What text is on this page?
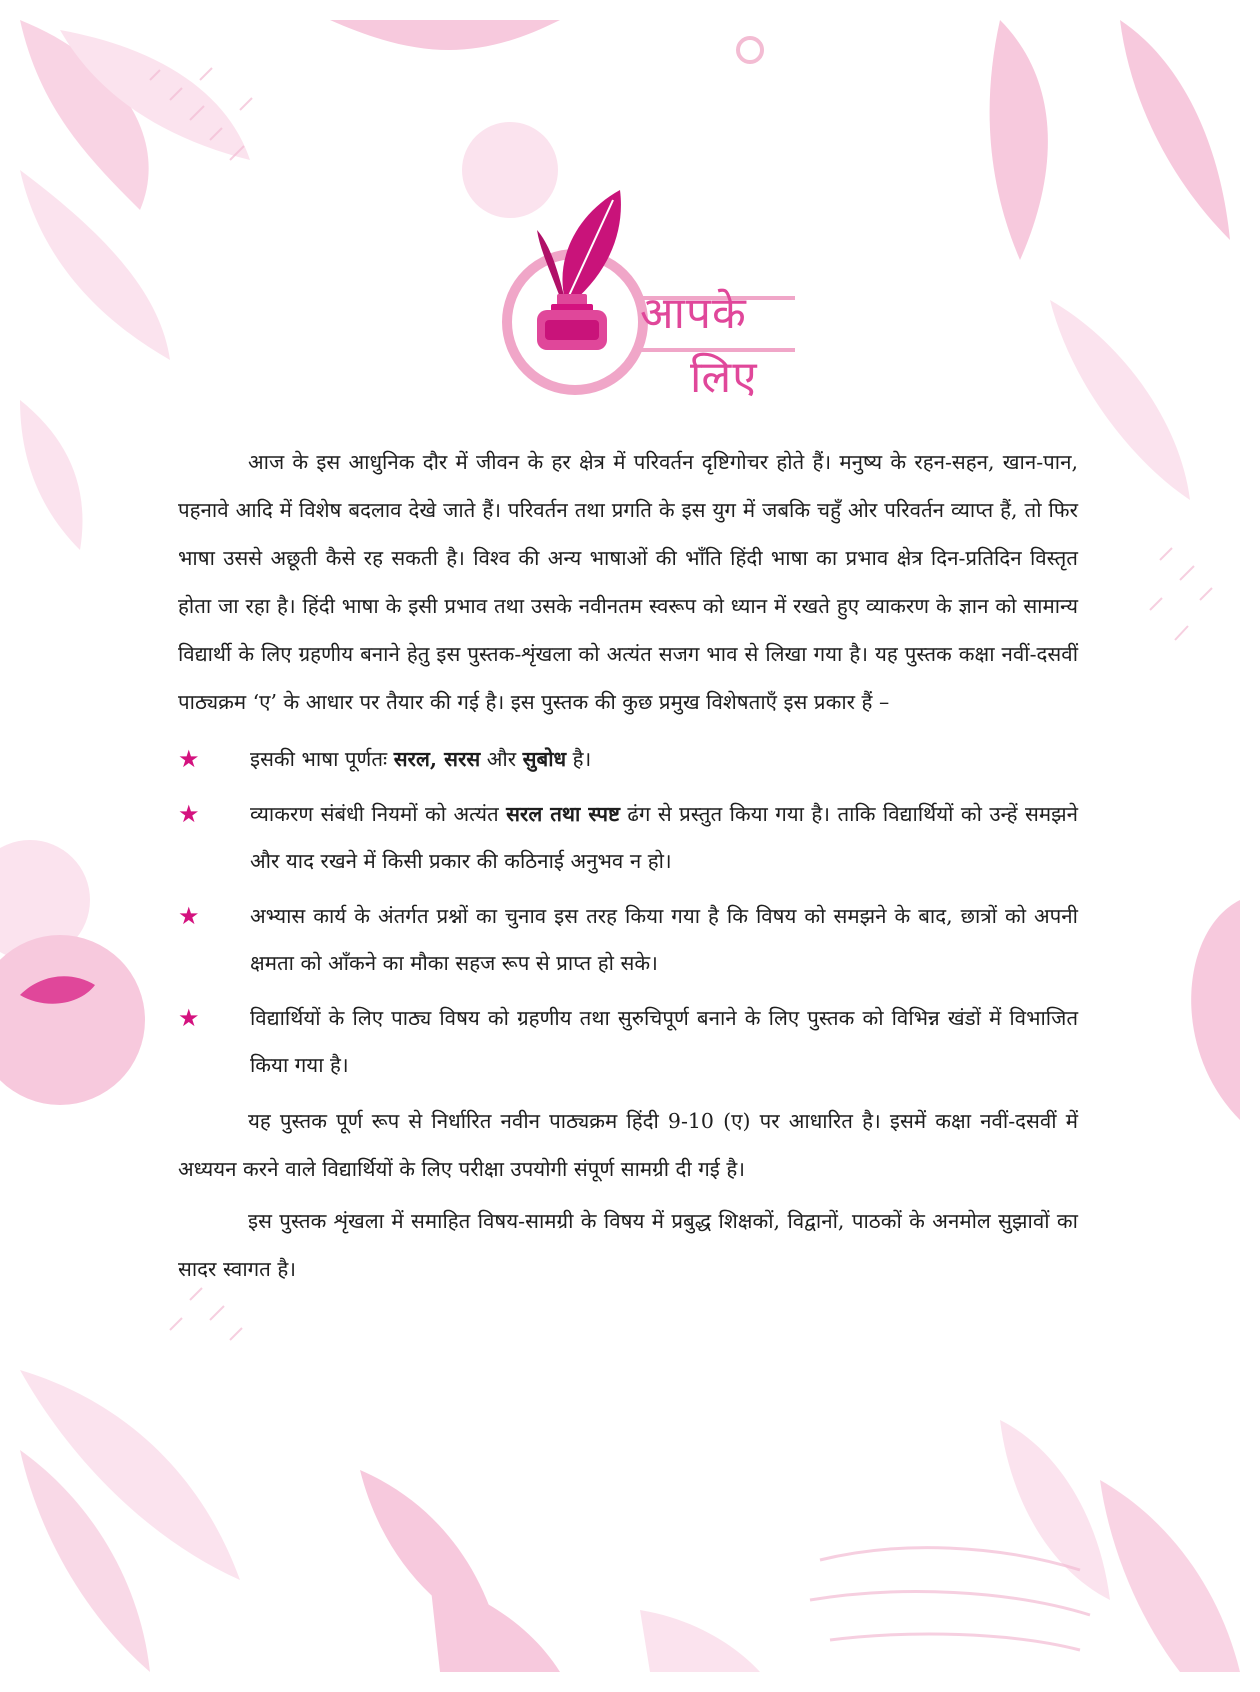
आपके
लिए

आज के इस आधुनिक दौर में जीवन के हर क्षेत्र में परिवर्तन दृष्टिगोचर होते हैं। मनुष्य के रहन-सहन, खान-पान, पहनावे आदि में विशेष बदलाव देखे जाते हैं। परिवर्तन तथा प्रगति के इस युग में जबकि चहुँ ओर परिवर्तन व्याप्त हैं, तो फिर भाषा उससे अछूती कैसे रह सकती है। विश्व की अन्य भाषाओं की भाँति हिंदी भाषा का प्रभाव क्षेत्र दिन-प्रतिदिन विस्तृत होता जा रहा है। हिंदी भाषा के इसी प्रभाव तथा उसके नवीनतम स्वरूप को ध्यान में रखते हुए व्याकरण के ज्ञान को सामान्य विद्यार्थी के लिए ग्रहणीय बनाने हेतु इस पुस्तक-शृंखला को अत्यंत सजग भाव से लिखा गया है। यह पुस्तक कक्षा नवीं-दसवीं पाठ्यक्रम ‘ए’ के आधार पर तैयार की गई है। इस पुस्तक की कुछ प्रमुख विशेषताएँ इस प्रकार हैं –

★ इसकी भाषा पूर्णतः सरल, सरस और सुबोध है।
★ व्याकरण संबंधी नियमों को अत्यंत सरल तथा स्पष्ट ढंग से प्रस्तुत किया गया है। ताकि विद्यार्थियों को उन्हें समझने और याद रखने में किसी प्रकार की कठिनाई अनुभव न हो।
★ अभ्यास कार्य के अंतर्गत प्रश्नों का चुनाव इस तरह किया गया है कि विषय को समझने के बाद, छात्रों को अपनी क्षमता को आँकने का मौका सहज रूप से प्राप्त हो सके।
★ विद्यार्थियों के लिए पाठ्य विषय को ग्रहणीय तथा सुरुचिपूर्ण बनाने के लिए पुस्तक को विभिन्न खंडों में विभाजित किया गया है।

यह पुस्तक पूर्ण रूप से निर्धारित नवीन पाठ्यक्रम हिंदी 9-10 (ए) पर आधारित है। इसमें कक्षा नवीं-दसवीं में अध्ययन करने वाले विद्यार्थियों के लिए परीक्षा उपयोगी संपूर्ण सामग्री दी गई है।

इस पुस्तक शृंखला में समाहित विषय-सामग्री के विषय में प्रबुद्ध शिक्षकों, विद्वानों, पाठकों के अनमोल सुझावों का सादर स्वागत है।
